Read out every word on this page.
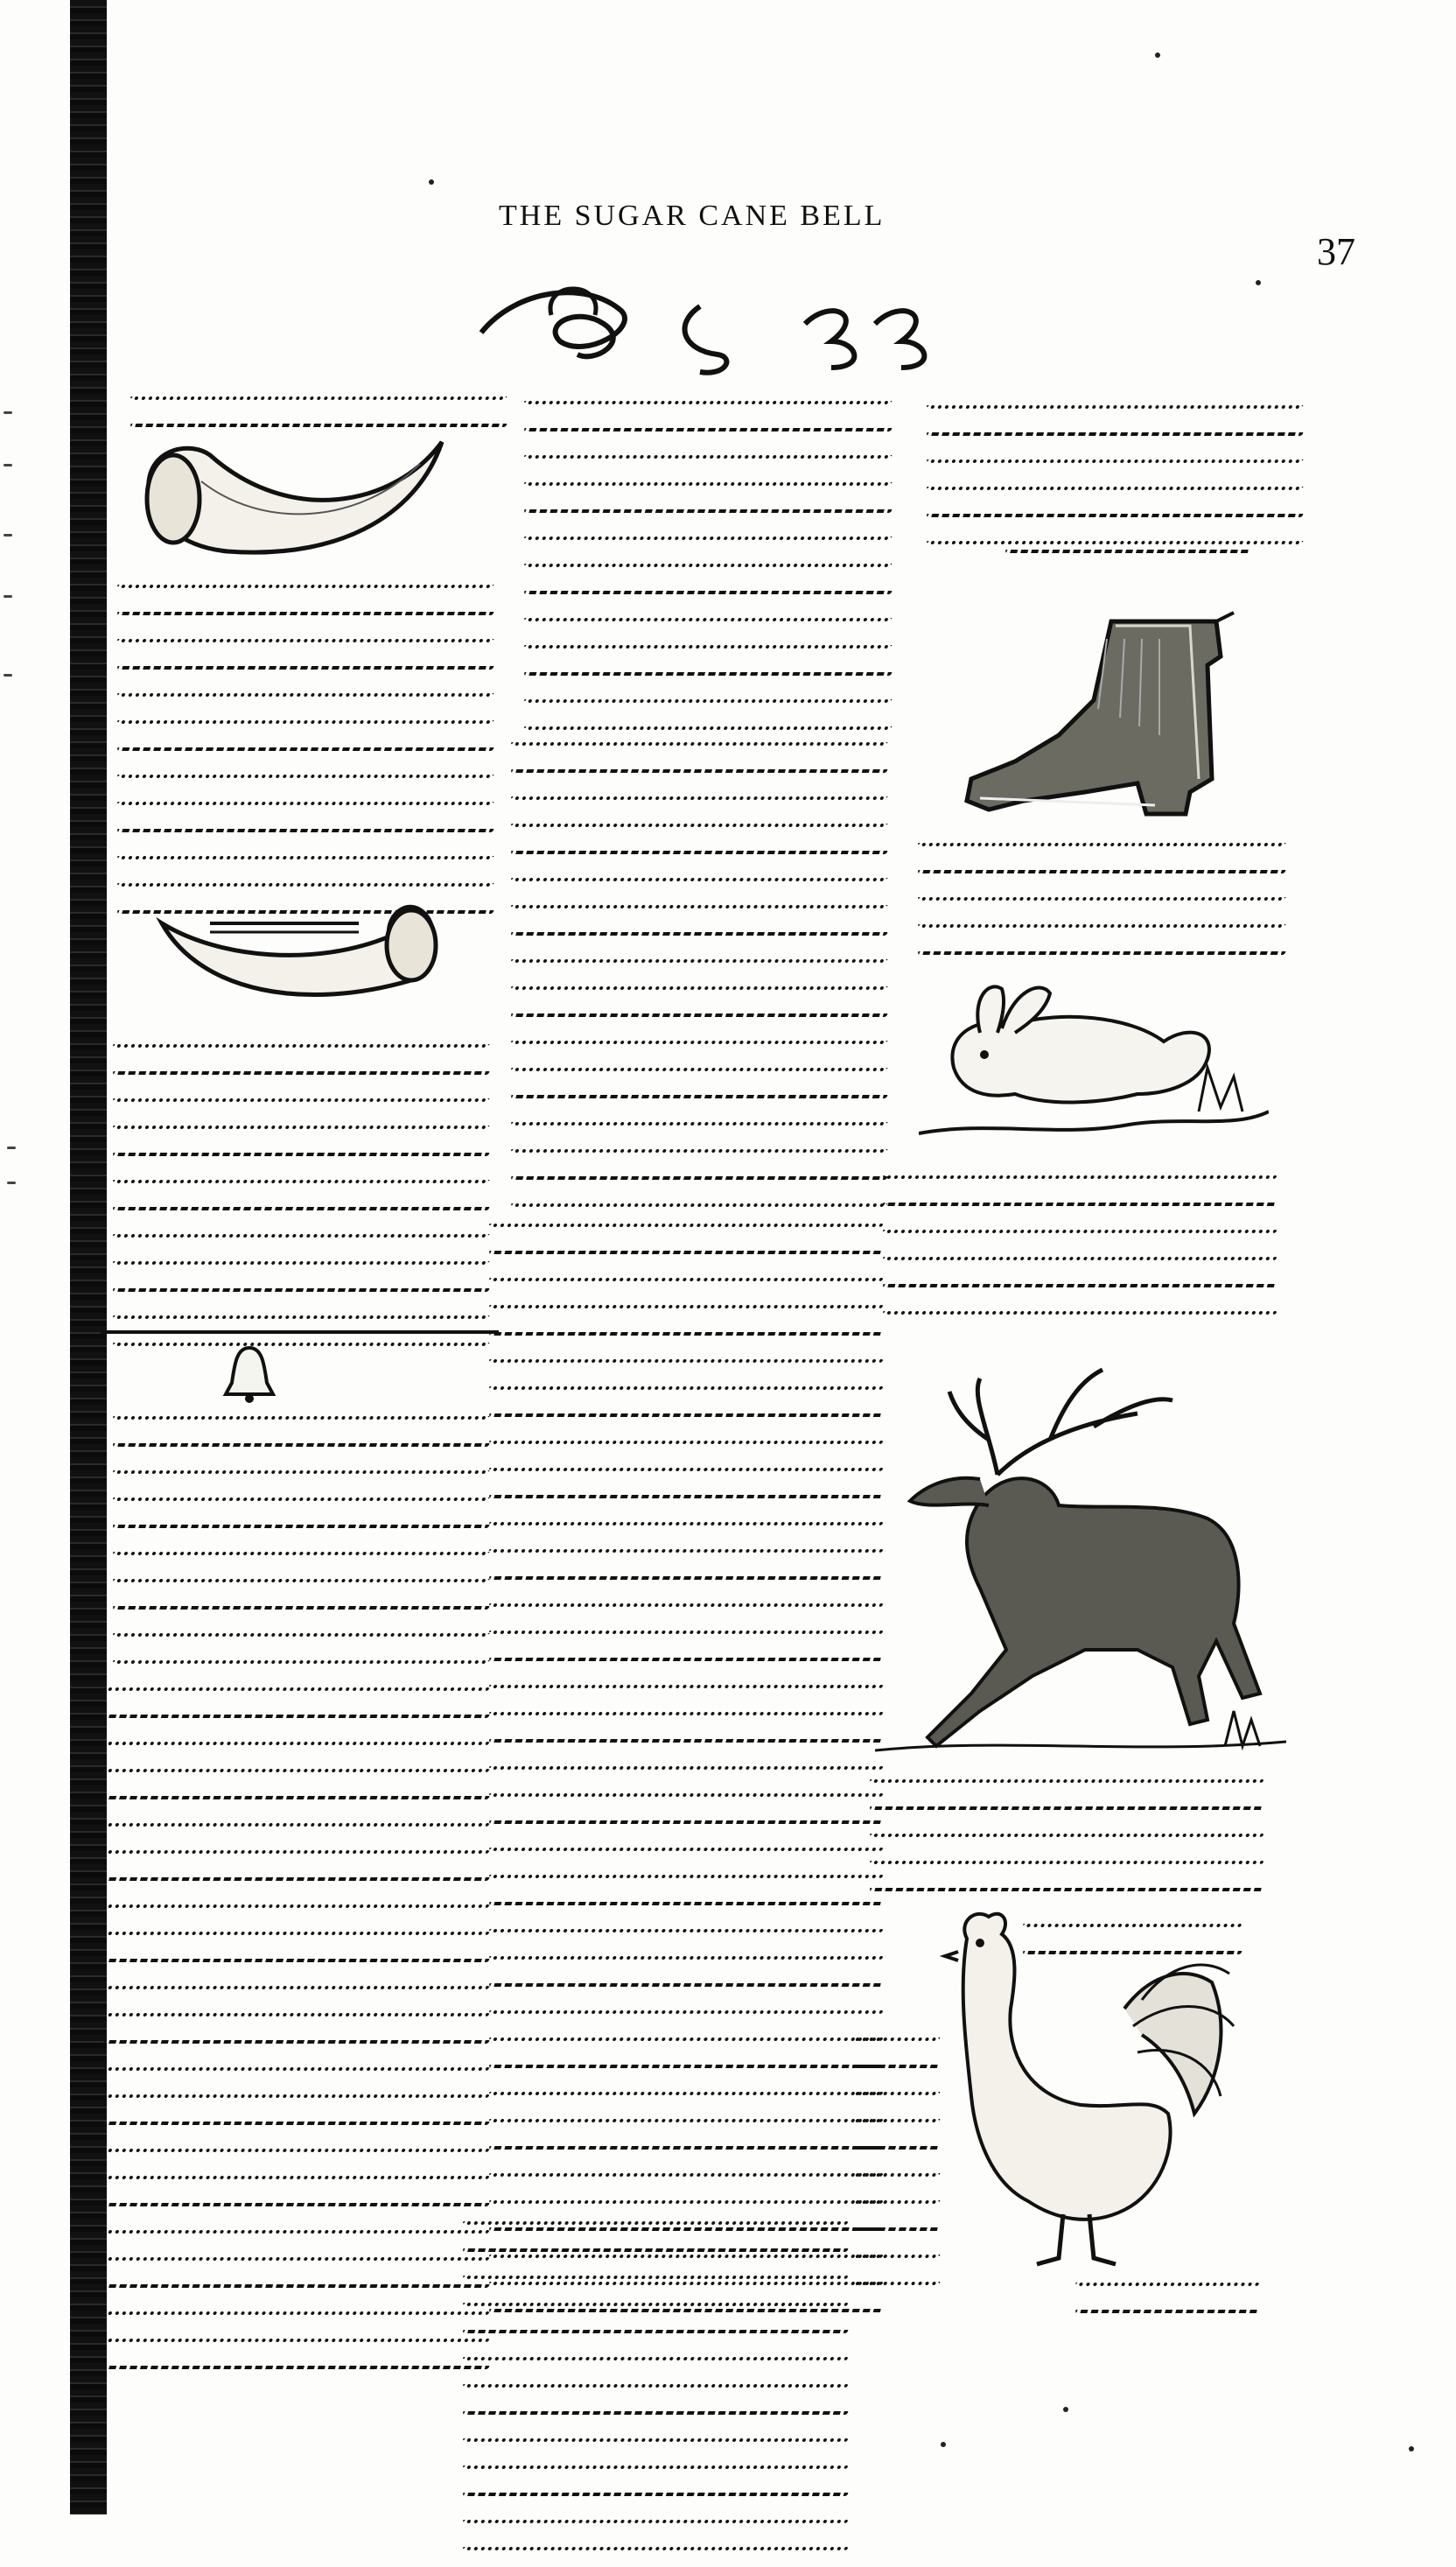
THE SUGAR CANE BELL
37
